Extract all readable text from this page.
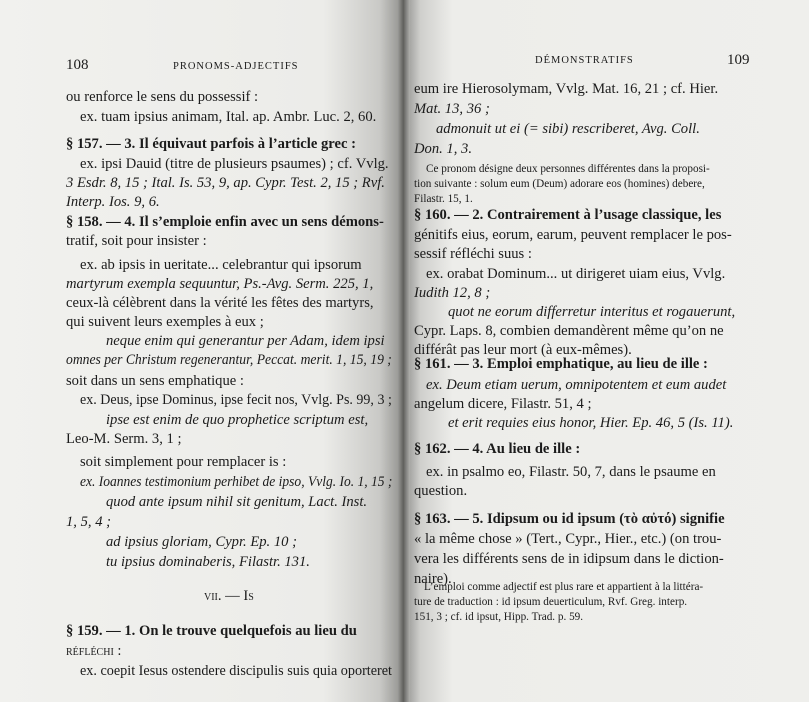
108	PRONOMS-ADJECTIFS
ou renforce le sens du possessif :
ex. tuam ipsius animam, Ital. ap. Ambr. Luc. 2, 60.
§ 157. — 3. Il équivaut parfois à l’article grec :
ex. ipsi Dauid (titre de plusieurs psaumes) ; cf. Vvlg.
3 Esdr. 8, 15 ; Ital. Is. 53, 9, ap. Cypr. Test. 2, 15 ; Rvf.
Interp. Ios. 9, 6.
§ 158. — 4. Il s’emploie enfin avec un sens démons-
tratif, soit pour insister :
ex. ab ipsis in ueritate... celebrantur qui ipsorum
martyrum exempla sequuntur, Ps.-Avg. Serm. 225, 1,
ceux-là célèbrent dans la vérité les fêtes des martyrs,
qui suivent leurs exemples à eux ;
neque enim qui generantur per Adam, idem ipsi
omnes per Christum regenerantur, Peccat. merit. 1, 15, 19 ;
soit dans un sens emphatique :
ex. Deus, ipse Dominus, ipse fecit nos, Vvlg. Ps. 99, 3 ;
ipse est enim de quo prophetice scriptum est,
Leo-M. Serm. 3, 1 ;
soit simplement pour remplacer is :
ex. Ioannes testimonium perhibet de ipso, Vvlg. Io. 1, 15 ;
quod ante ipsum nihil sit genitum, Lact. Inst.
1, 5, 4 ;
ad ipsius gloriam, Cypr. Ep. 10 ;
tu ipsius dominaberis, Filastr. 131.
vii. — Is
§ 159. — 1. On le trouve quelquefois au lieu du
réfléchi :
ex. coepit Iesus ostendere discipulis suis quia oporteret
DÉMONSTRATIFS	109
eum ire Hierosolymam, Vvlg. Mat. 16, 21 ; cf. Hier.
Mat. 13, 36 ;
admonuit ut ei (= sibi) rescriberet, Avg. Coll.
Don. 1, 3.
Ce pronom désigne deux personnes différentes dans la proposi-
tion suivante : solum eum (Deum) adorare eos (homines) debere,
Filastr. 15, 1.
§ 160. — 2. Contrairement à l’usage classique, les
génitifs eius, eorum, earum, peuvent remplacer le pos-
sessif réfléchi suus :
ex. orabat Dominum... ut dirigeret uiam eius, Vvlg.
Iudith 12, 8 ;
quot ne eorum differretur interitus et rogauerunt,
Cypr. Laps. 8, combien demandèrent même qu’on ne
différât pas leur mort (à eux-mêmes).
§ 161. — 3. Emploi emphatique, au lieu de ille :
ex. Deum etiam uerum, omnipotentem et eum audet
angelum dicere, Filastr. 51, 4 ;
et erit requies eius honor, Hier. Ep. 46, 5 (Is. 11).
§ 162. — 4. Au lieu de ille :
ex. in psalmo eo, Filastr. 50, 7, dans le psaume en
question.
§ 163. — 5. Idipsum ou id ipsum (τὸ αὐτό) signifie
« la même chose » (Tert., Cypr., Hier., etc.) (on trou-
vera les différents sens de in idipsum dans le diction-
naire).
L’emploi comme adjectif est plus rare et appartient à la littéra-
ture de traduction : id ipsum deuerticulum, Rvf. Greg. interp.
151, 3 ; cf. id ipsut, Hipp. Trad. p. 59.
